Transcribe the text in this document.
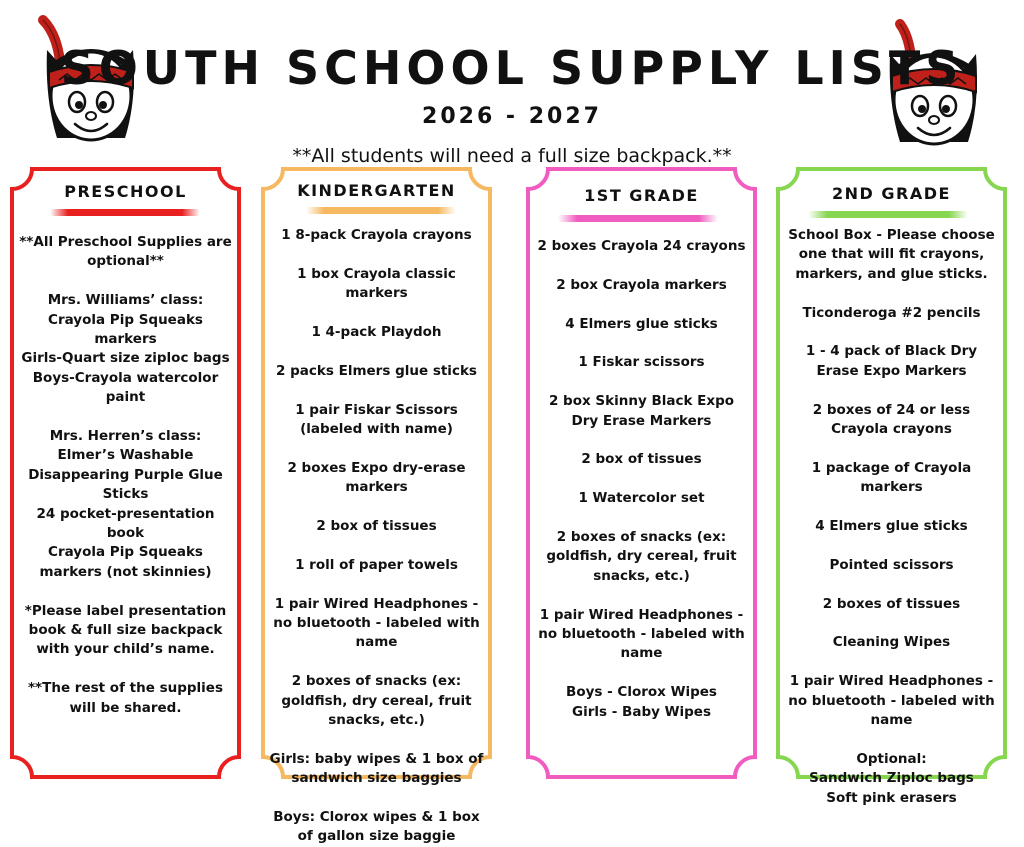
SOUTH SCHOOL SUPPLY LISTS
2026 - 2027
**All students will need a full size backpack.**
PRESCHOOL
**All Preschool Supplies are optional**
Mrs. Williams’ class:
Crayola Pip Squeaks markers
Girls-Quart size ziploc bags
Boys-Crayola watercolor paint
Mrs. Herren’s class:
Elmer’s Washable Disappearing Purple Glue Sticks
24 pocket-presentation book
Crayola Pip Squeaks markers (not skinnies)
*Please label presentation book & full size backpack with your child’s name.
**The rest of the supplies will be shared.
KINDERGARTEN
1 8-pack Crayola crayons
1 box Crayola classic markers
1 4-pack Playdoh
2 packs Elmers glue sticks
1 pair Fiskar Scissors (labeled with name)
2 boxes Expo dry-erase markers
2 box of tissues
1 roll of paper towels
1 pair Wired Headphones - no bluetooth - labeled with name
2 boxes of snacks (ex: goldfish, dry cereal, fruit snacks, etc.)
Girls: baby wipes & 1 box of sandwich size baggies
Boys: Clorox wipes & 1 box of gallon size baggie
1ST GRADE
2 boxes Crayola 24 crayons
2 box Crayola markers
4 Elmers glue sticks
1 Fiskar scissors
2 box Skinny Black Expo Dry Erase Markers
2 box of tissues
1 Watercolor set
2 boxes of snacks (ex: goldfish, dry cereal, fruit snacks, etc.)
1 pair Wired Headphones - no bluetooth - labeled with name
Boys - Clorox Wipes
Girls - Baby Wipes
2ND GRADE
School Box - Please choose one that will fit crayons, markers, and glue sticks.
Ticonderoga #2 pencils
1 - 4 pack of Black Dry Erase Expo Markers
2 boxes of 24 or less Crayola crayons
1 package of Crayola markers
4 Elmers glue sticks
Pointed scissors
2 boxes of tissues
Cleaning Wipes
1 pair Wired Headphones - no bluetooth - labeled with name
Optional:
Sandwich Ziploc bags
Soft pink erasers
